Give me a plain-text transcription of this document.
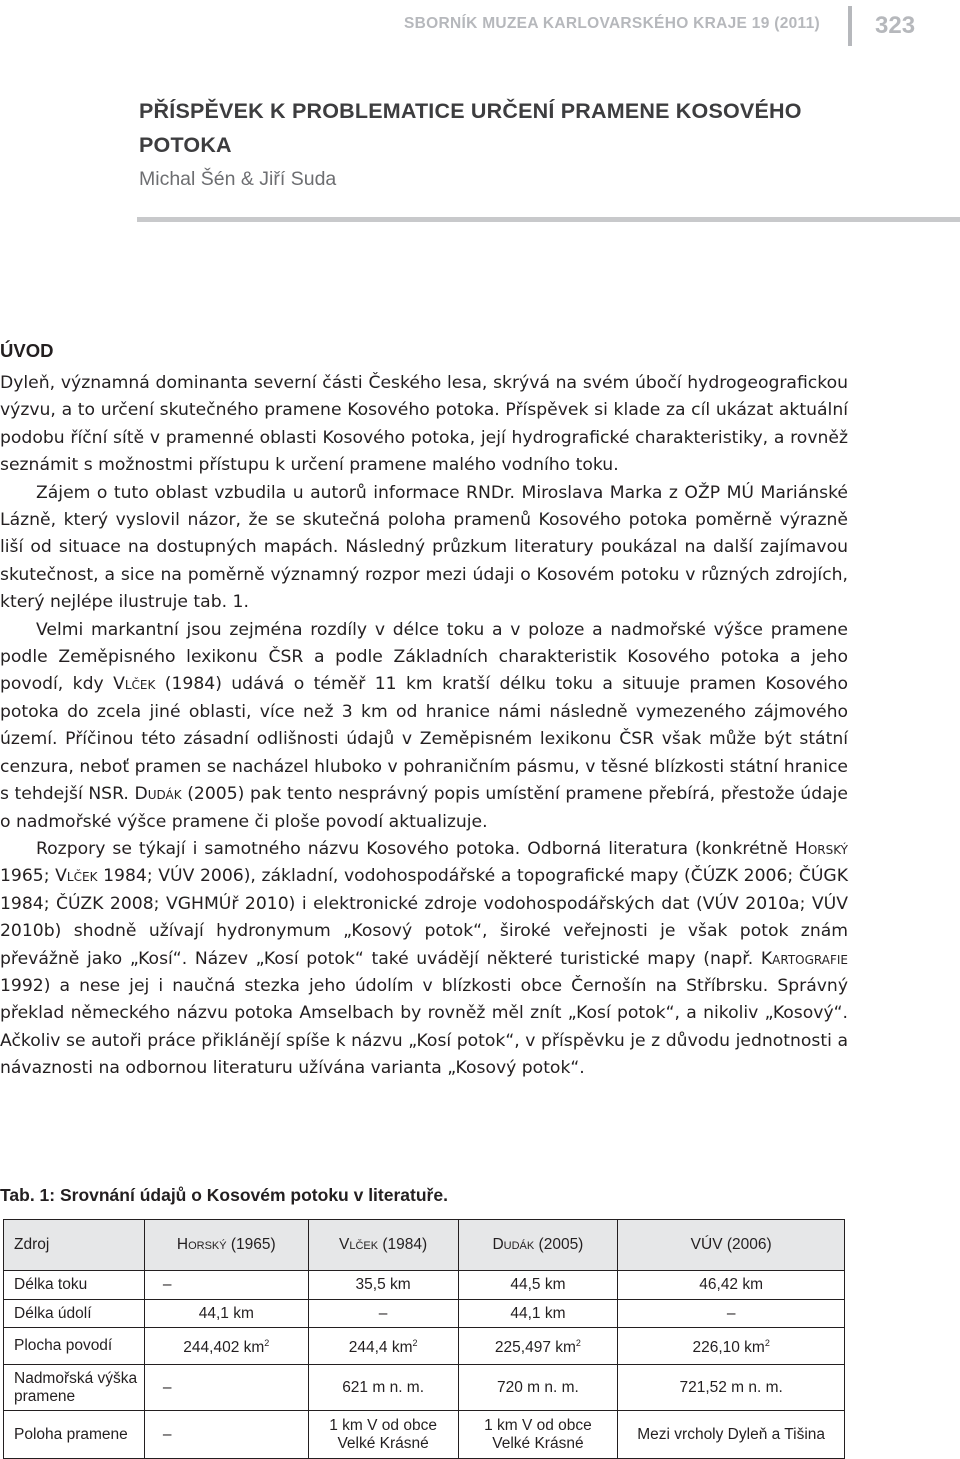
SBORNÍK MUZEA KARLOVARSKÉHO KRAJE 19 (2011) 323
PŘÍSPĚVEK K PROBLEMATICE URČENÍ PRAMENE KOSOVÉHO
POTOKA
Michal Šén & Jiří Suda
ÚVOD

Dyleň, významná dominanta severní části Českého lesa, skrývá na svém úbočí hydrogeografickou výzvu, a to určení skutečného pramene Kosového potoka. Příspěvek si klade za cíl ukázat aktuální podobu říční sítě v pramenné oblasti Kosového potoka, její hydrografické charakteristiky, a rovněž seznámit s možnostmi přístupu k určení pramene malého vodního toku.

Zájem o tuto oblast vzbudila u autorů informace RNDr. Miroslava Marka z OŽP MÚ Mariánské Lázně, který vyslovil názor, že se skutečná poloha pramenů Kosového potoka poměrně výrazně liší od situace na dostupných mapách. Následný průzkum literatury poukázal na další zajímavou skutečnost, a sice na poměrně významný rozpor mezi údaji o Kosovém potoku v různých zdrojích, který nejlépe ilustruje tab. 1.

Velmi markantní jsou zejména rozdíly v délce toku a v poloze a nadmořské výšce pramene podle Zeměpisného lexikonu ČSR a podle Základních charakteristik Kosového potoka a jeho povodí, kdy Vlček (1984) udává o téměř 11 km kratší délku toku a situuje pramen Kosového potoka do zcela jiné oblasti, více než 3 km od hranice námi následně vymezeného zájmového území. Příčinou této zásadní odlišnosti údajů v Zeměpisném lexikonu ČSR však může být státní cenzura, neboť pramen se nacházel hluboko v pohraničním pásmu, v těsné blízkosti státní hranice s tehdejší NSR. Dudák (2005) pak tento nesprávný popis umístění pramene přebírá, přestože údaje o nadmořské výšce pramene či ploše povodí aktualizuje.

Rozpory se týkají i samotného názvu Kosového potoka. Odborná literatura (konkrétně Horský 1965; Vlček 1984; VÚV 2006), základní, vodohospodářské a topografické mapy (ČÚZK 2006; ČÚGK 1984; ČÚZK 2008; VGHMÚř 2010) i elektronické zdroje vodohospodářských dat (VÚV 2010a; VÚV 2010b) shodně užívají hydronymum „Kosový potok“, široké veřejnosti je však potok znám převážně jako „Kosí“. Název „Kosí potok“ také uvádějí některé turistické mapy (např. Kartografie 1992) a nese jej i naučná stezka jeho údolím v blízkosti obce Černošín na Stříbrsku. Správný překlad německého názvu potoka Amselbach by rovněž měl znít „Kosí potok“, a nikoliv „Kosový“. Ačkoliv se autoři práce přiklánějí spíše k názvu „Kosí potok“, v příspěvku je z důvodu jednotnosti a návaznosti na odbornou literaturu užívána varianta „Kosový potok“.

Tab. 1: Srovnání údajů o Kosovém potoku v literatuře.
Zdroj	Horský (1965)	Vlček (1984)	Dudák (2005)	VÚV (2006)
Délka toku	–	35,5 km	44,5 km	46,42 km
Délka údolí	44,1 km	–	44,1 km	–
Plocha povodí	244,402 $km^2$	244,4 $km^2$	225,497 $km^2$	226,10 $km^2$
Nadmořská výška pramene	–	621 m n. m.	720 m n. m.	721,52 m n. m.
Poloha pramene	–	1 km V od obce Velké Krásné	1 km V od obce Velké Krásné	Mezi vrcholy Dyleň a Tišina
